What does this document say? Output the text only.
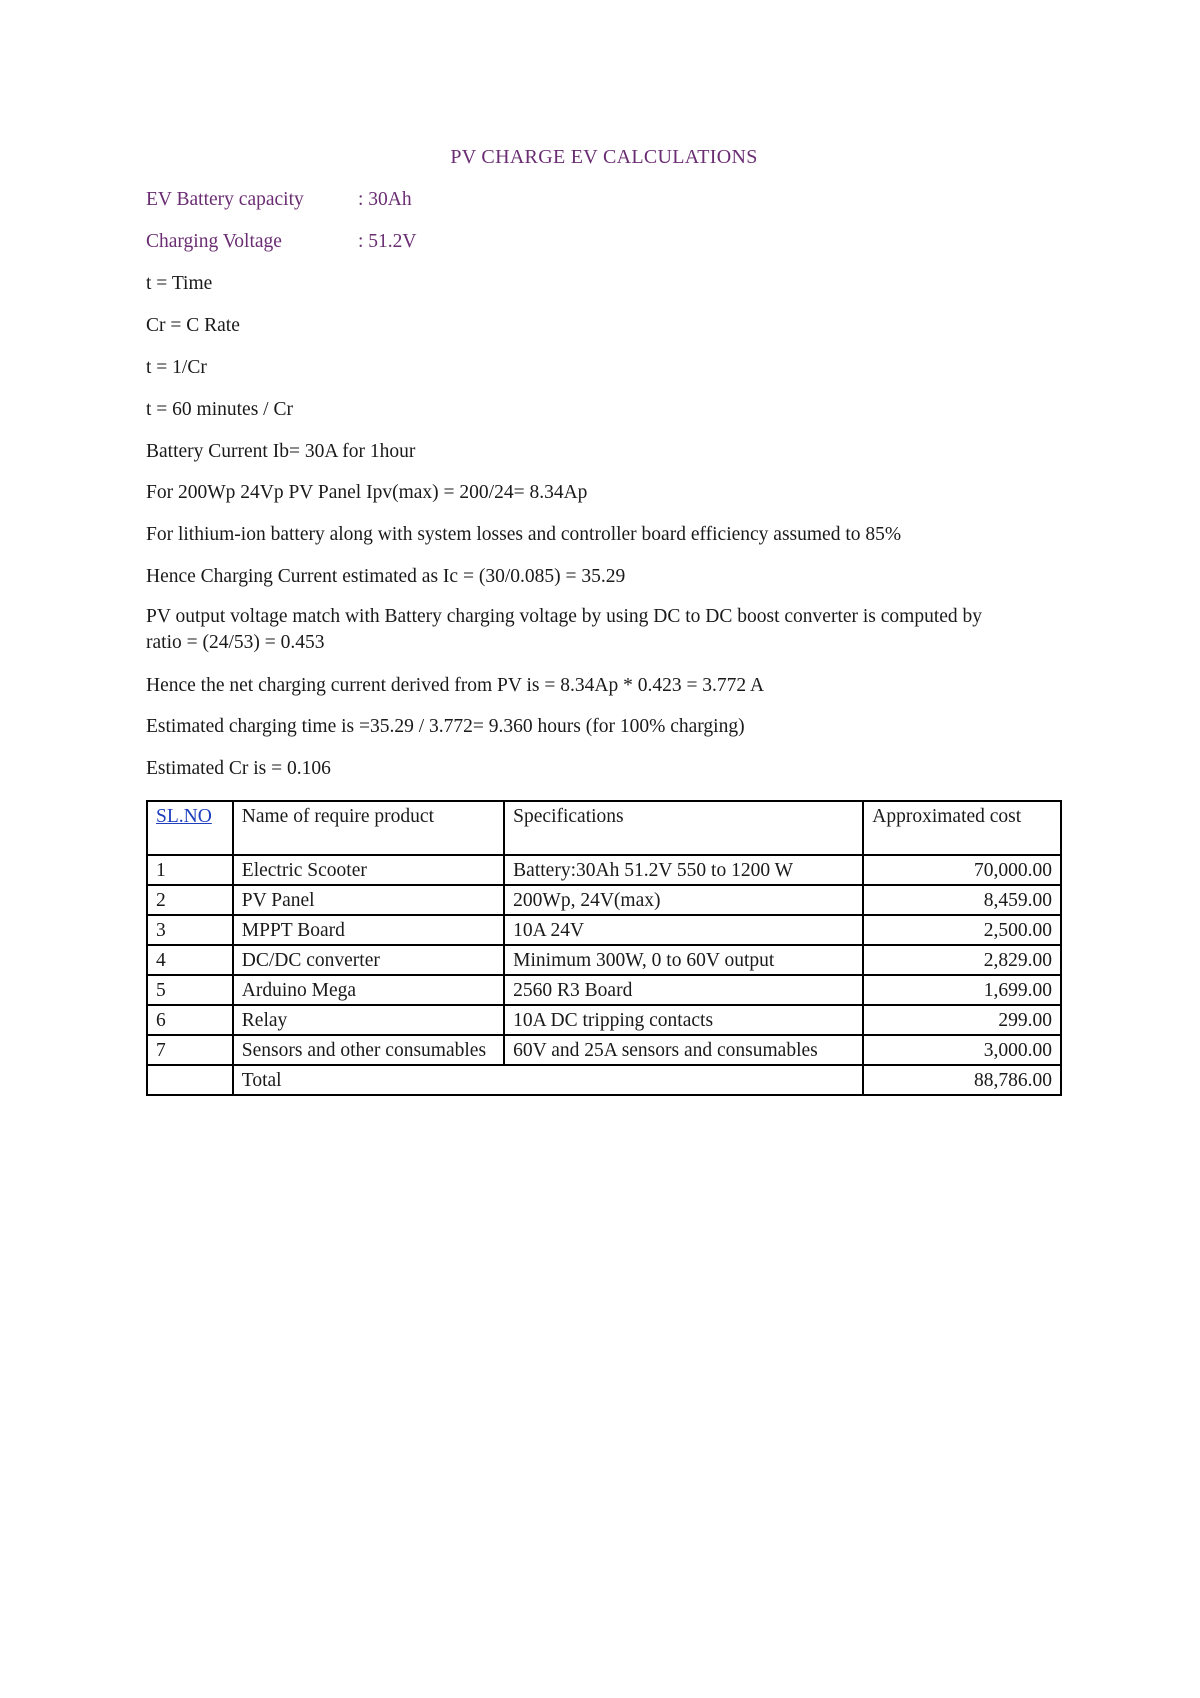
PV CHARGE EV CALCULATIONS
EV Battery capacity	: 30Ah
Charging Voltage	: 51.2V
t = Time
Cr = C Rate
t = 1/Cr
t = 60 minutes / Cr
Battery Current Ib= 30A for 1hour
For 200Wp 24Vp PV Panel Ipv(max) = 200/24= 8.34Ap
For lithium-ion battery along with system losses and controller board efficiency assumed to 85%
Hence Charging Current estimated as Ic = (30/0.085) = 35.29
PV output voltage match with Battery charging voltage by using DC to DC boost converter is computed by ratio = (24/53) = 0.453
Hence the net charging current derived from PV is = 8.34Ap * 0.423 = 3.772 A
Estimated charging time is =35.29 / 3.772= 9.360 hours (for 100% charging)
Estimated Cr is = 0.106
SL.NO	Name of require product	Specifications	Approximated cost
1	Electric Scooter	Battery:30Ah 51.2V 550 to 1200 W	70,000.00
2	PV Panel	200Wp, 24V(max)	8,459.00
3	MPPT Board	10A 24V	2,500.00
4	DC/DC converter	Minimum 300W, 0 to 60V output	2,829.00
5	Arduino Mega	2560 R3 Board	1,699.00
6	Relay	10A DC tripping contacts	299.00
7	Sensors and other consumables	60V and 25A sensors and consumables	3,000.00
	Total		88,786.00
